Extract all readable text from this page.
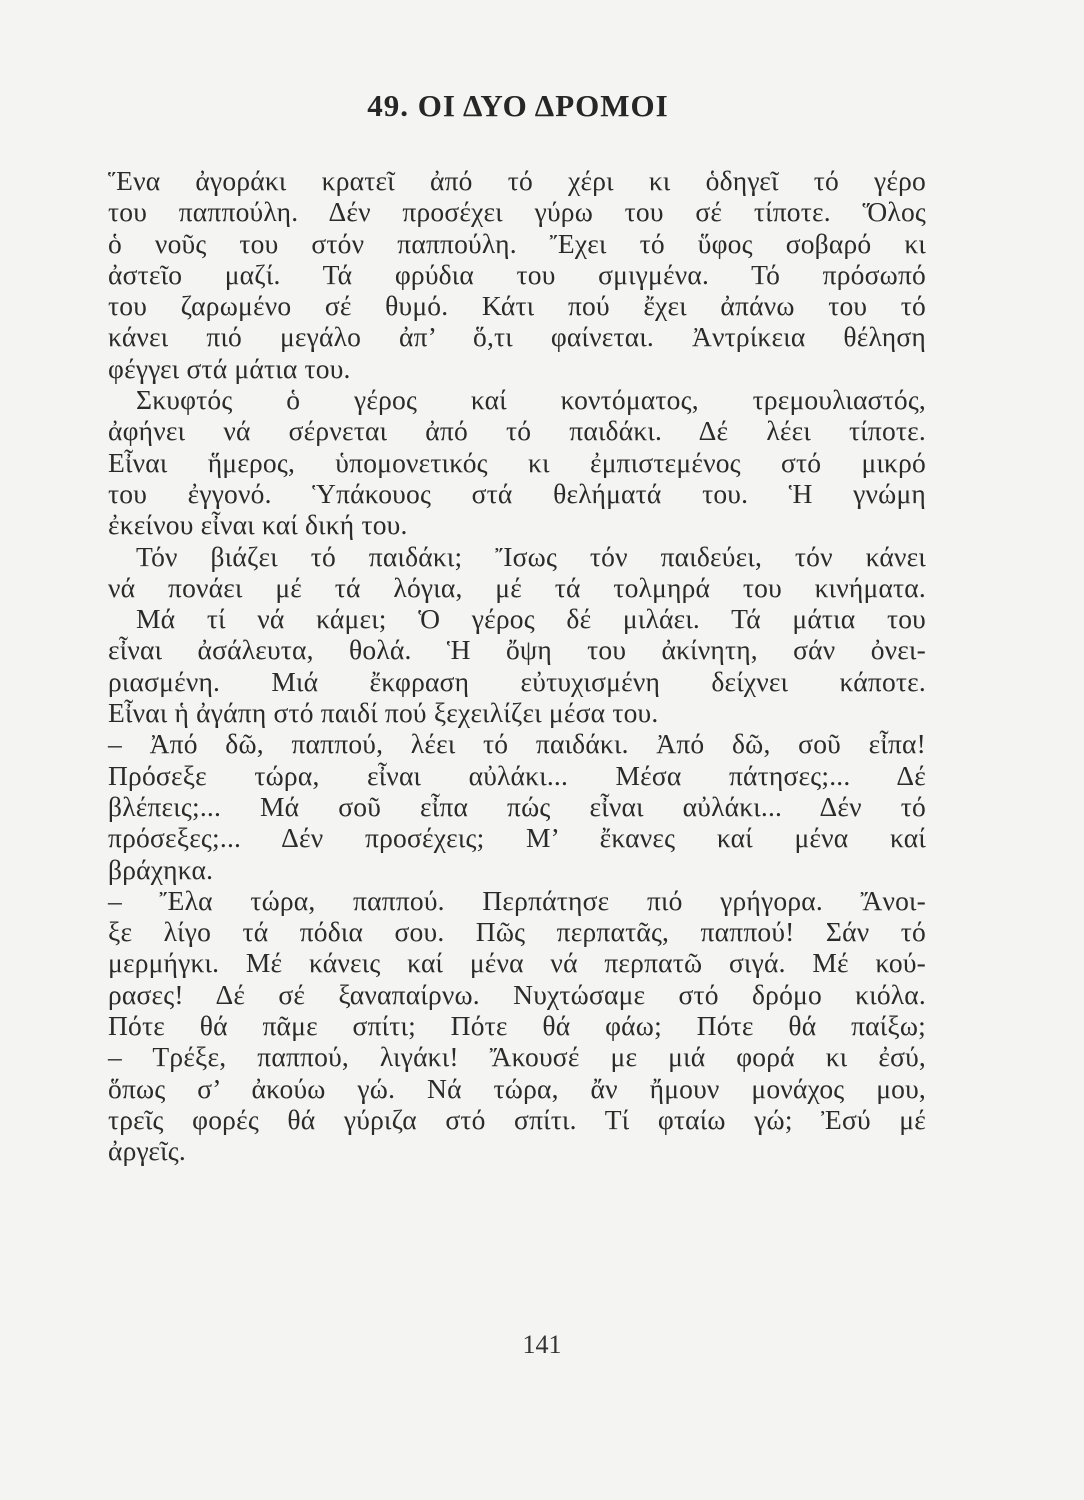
49. ΟΙ ΔΥΟ ΔΡΟΜΟΙ
Ἕνα ἀγοράκι κρατεῖ ἀπό τό χέρι κι ὁδηγεῖ τό γέρο
του παππούλη. Δέν προσέχει γύρω του σέ τίποτε. Ὅλος
ὁ νοῦς του στόν παππούλη. Ἔχει τό ὕφος σοβαρό κι
ἀστεῖο μαζί. Τά φρύδια του σμιγμένα. Τό πρόσωπό
του ζαρωμένο σέ θυμό. Κάτι πού ἔχει ἀπάνω του τό
κάνει πιό μεγάλο ἀπ’ ὅ,τι φαίνεται. Ἀντρίκεια θέληση
φέγγει στά μάτια του.
Σκυφτός ὁ γέρος καί κοντόματος, τρεμουλιαστός,
ἀφήνει νά σέρνεται ἀπό τό παιδάκι. Δέ λέει τίποτε.
Εἶναι ἥμερος, ὑπομονετικός κι ἐμπιστεμένος στό μικρό
του ἐγγονό. Ὑπάκουος στά θελήματά του. Ἡ γνώμη
ἐκείνου εἶναι καί δική του.
Τόν βιάζει τό παιδάκι; Ἴσως τόν παιδεύει, τόν κάνει
νά πονάει μέ τά λόγια, μέ τά τολμηρά του κινήματα.
Μά τί νά κάμει; Ὁ γέρος δέ μιλάει. Τά μάτια του
εἶναι ἀσάλευτα, θολά. Ἡ ὄψη του ἀκίνητη, σάν ὀνει-
ριασμένη. Μιά ἔκφραση εὐτυχισμένη δείχνει κάποτε.
Εἶναι ἡ ἀγάπη στό παιδί πού ξεχειλίζει μέσα του.
– Ἀπό δῶ, παππού, λέει τό παιδάκι. Ἀπό δῶ, σοῦ εἶπα!
Πρόσεξε τώρα, εἶναι αὐλάκι... Μέσα πάτησες;... Δέ
βλέπεις;... Μά σοῦ εἶπα πώς εἶναι αὐλάκι... Δέν τό
πρόσεξες;... Δέν προσέχεις; Μ’ ἔκανες καί μένα καί
βράχηκα.
– Ἔλα τώρα, παππού. Περπάτησε πιό γρήγορα. Ἄνοι-
ξε λίγο τά πόδια σου. Πῶς περπατᾶς, παππού! Σάν τό
μερμήγκι. Μέ κάνεις καί μένα νά περπατῶ σιγά. Μέ κού-
ρασες! Δέ σέ ξαναπαίρνω. Νυχτώσαμε στό δρόμο κιόλα.
Πότε θά πᾶμε σπίτι; Πότε θά φάω; Πότε θά παίξω;
– Τρέξε, παππού, λιγάκι! Ἄκουσέ με μιά φορά κι ἐσύ,
ὅπως σ’ ἀκούω γώ. Νά τώρα, ἄν ἤμουν μονάχος μου,
τρεῖς φορές θά γύριζα στό σπίτι. Τί φταίω γώ; Ἐσύ μέ
ἀργεῖς.
141
